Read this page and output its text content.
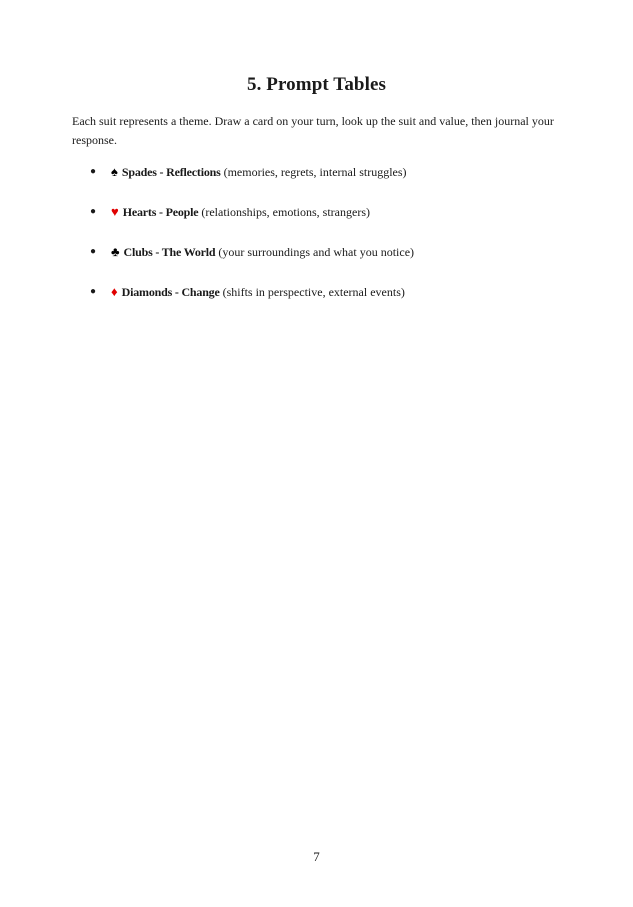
5. Prompt Tables

Each suit represents a theme. Draw a card on your turn, look up the suit and value, then journal your response.

● ♠ Spades - Reflections (memories, regrets, internal struggles)
● ♥ Hearts - People (relationships, emotions, strangers)
● ♣ Clubs - The World (your surroundings and what you notice)
● ♦ Diamonds - Change (shifts in perspective, external events)
7
